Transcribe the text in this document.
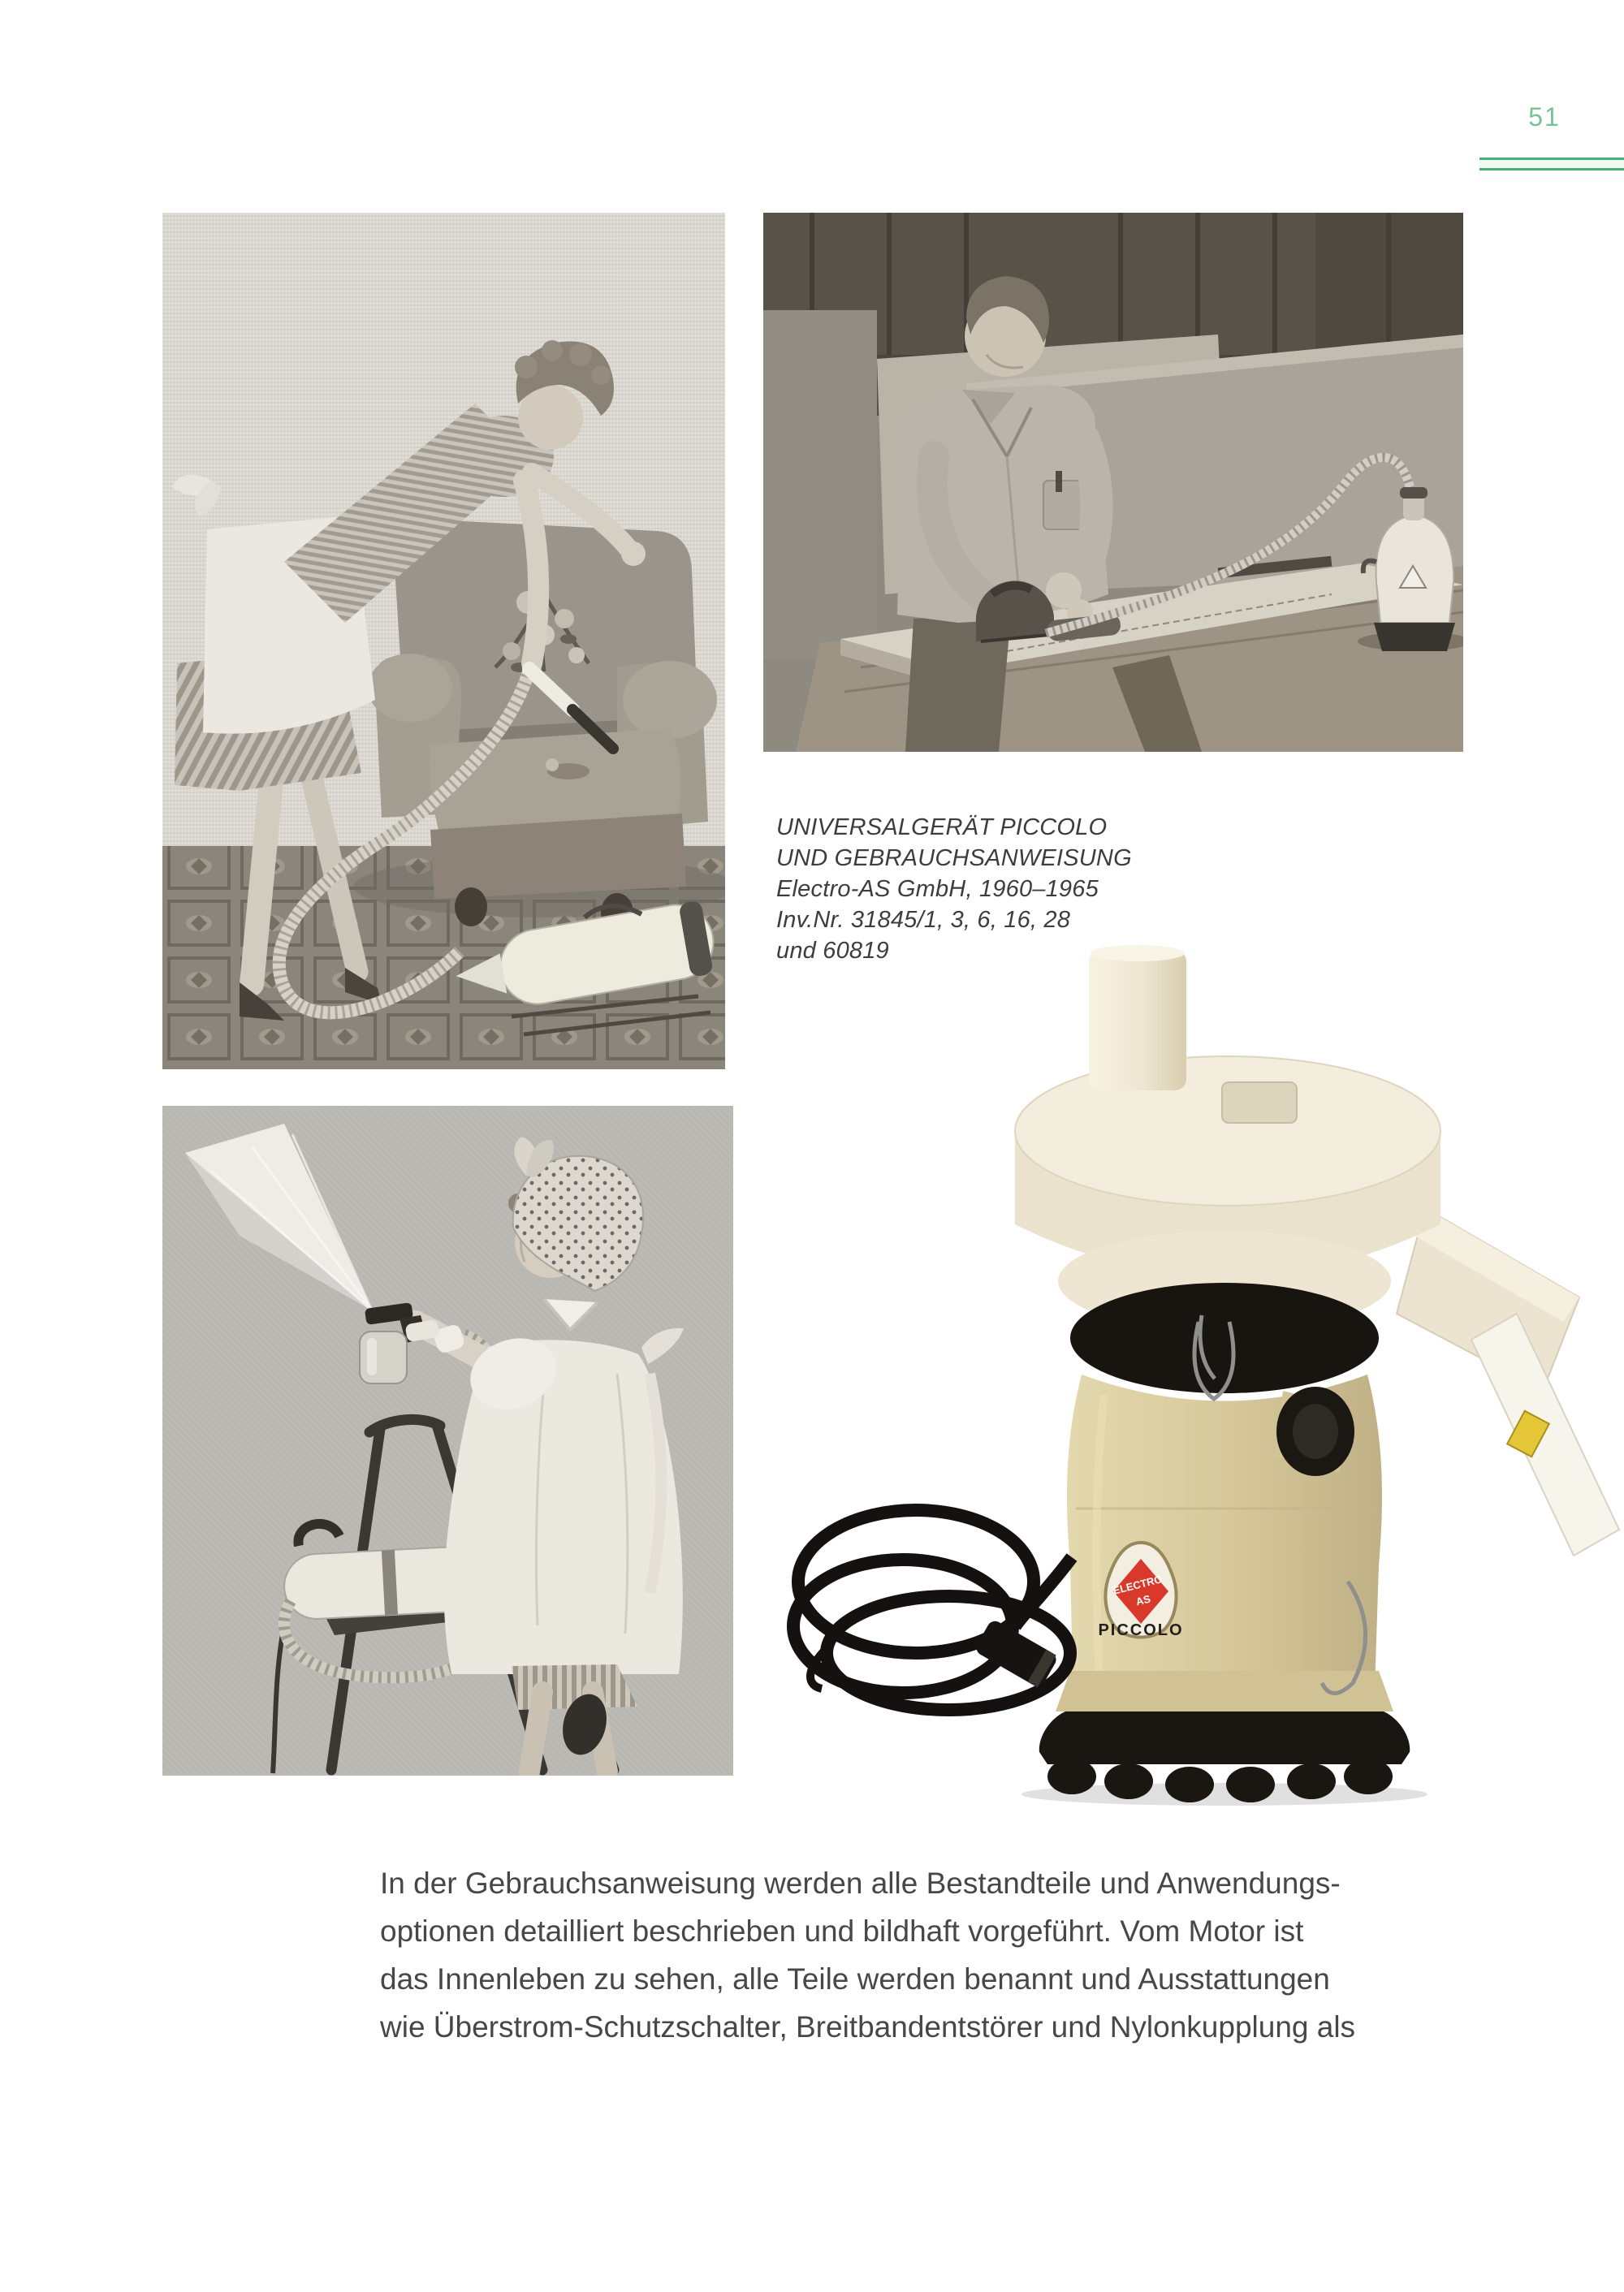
51
UNIVERSALGERÄT PICCOLO
UND GEBRAUCHSANWEISUNG
Electro-AS GmbH, 1960–1965
Inv.Nr. 31845/1, 3, 6, 16, 28
und 60819
ELECTRO
AS
PICCOLO
In der Gebrauchsanweisung werden alle Bestandteile und Anwendungs-
optionen detailliert beschrieben und bildhaft vorgeführt. Vom Motor ist
das Innenleben zu sehen, alle Teile werden benannt und Ausstattungen
wie Überstrom-Schutzschalter, Breitbandentstörer und Nylonkupplung als
